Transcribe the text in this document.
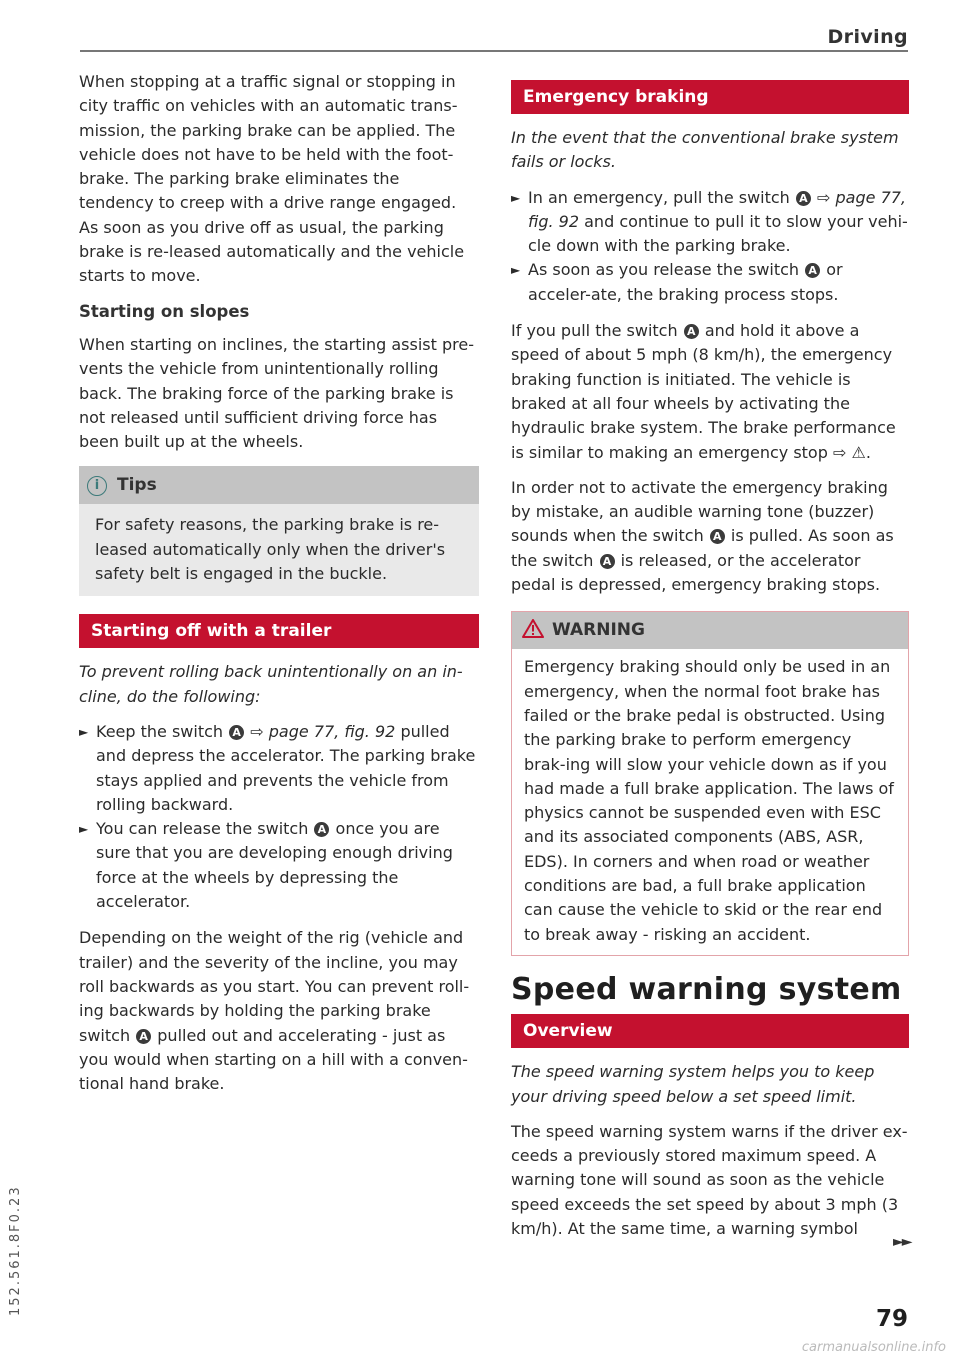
Driving
152.561.8F0.23

When stopping at a traffic signal or stopping in city traffic on vehicles with an automatic trans-mission, the parking brake can be applied. The vehicle does not have to be held with the foot-brake. The parking brake eliminates the tendency to creep with a drive range engaged. As soon as you drive off as usual, the parking brake is re-leased automatically and the vehicle starts to move.

Starting on slopes

When starting on inclines, the starting assist pre-vents the vehicle from unintentionally rolling back. The braking force of the parking brake is not released until sufficient driving force has been built up at the wheels.

i Tips
For safety reasons, the parking brake is re-leased automatically only when the driver's safety belt is engaged in the buckle.
Starting off with a trailer

To prevent rolling back unintentionally on an in-cline, do the following:

► Keep the switch A ⇨ page 77, fig. 92 pulled and depress the accelerator. The parking brake stays applied and prevents the vehicle from rolling backward.
► You can release the switch A once you are sure that you are developing enough driving force at the wheels by depressing the accelerator.

Depending on the weight of the rig (vehicle and trailer) and the severity of the incline, you may roll backwards as you start. You can prevent roll-ing backwards by holding the parking brake switch A pulled out and accelerating - just as you would when starting on a hill with a conven-tional hand brake.

Emergency braking

In the event that the conventional brake system fails or locks.

► In an emergency, pull the switch A ⇨ page 77, fig. 92 and continue to pull it to slow your vehi-cle down with the parking brake.
► As soon as you release the switch A or acceler-ate, the braking process stops.

If you pull the switch A and hold it above a speed of about 5 mph (8 km/h), the emergency braking function is initiated. The vehicle is braked at all four wheels by activating the hydraulic brake system. The brake performance is similar to making an emergency stop ⇨ ⚠.

In order not to activate the emergency braking by mistake, an audible warning tone (buzzer) sounds when the switch A is pulled. As soon as the switch A is released, or the accelerator pedal is depressed, emergency braking stops.

WARNING
Emergency braking should only be used in an emergency, when the normal foot brake has failed or the brake pedal is obstructed. Using the parking brake to perform emergency brak-ing will slow your vehicle down as if you had made a full brake application. The laws of physics cannot be suspended even with ESC and its associated components (ABS, ASR, EDS). In corners and when road or weather conditions are bad, a full brake application can cause the vehicle to skid or the rear end to break away - risking an accident.
Speed warning system
Overview

The speed warning system helps you to keep your driving speed below a set speed limit.

The speed warning system warns if the driver ex-ceeds a previously stored maximum speed. A warning tone will sound as soon as the vehicle speed exceeds the set speed by about 3 mph (3 km/h). At the same time, a warning symbol

►►
79
carmanualsonline.info
